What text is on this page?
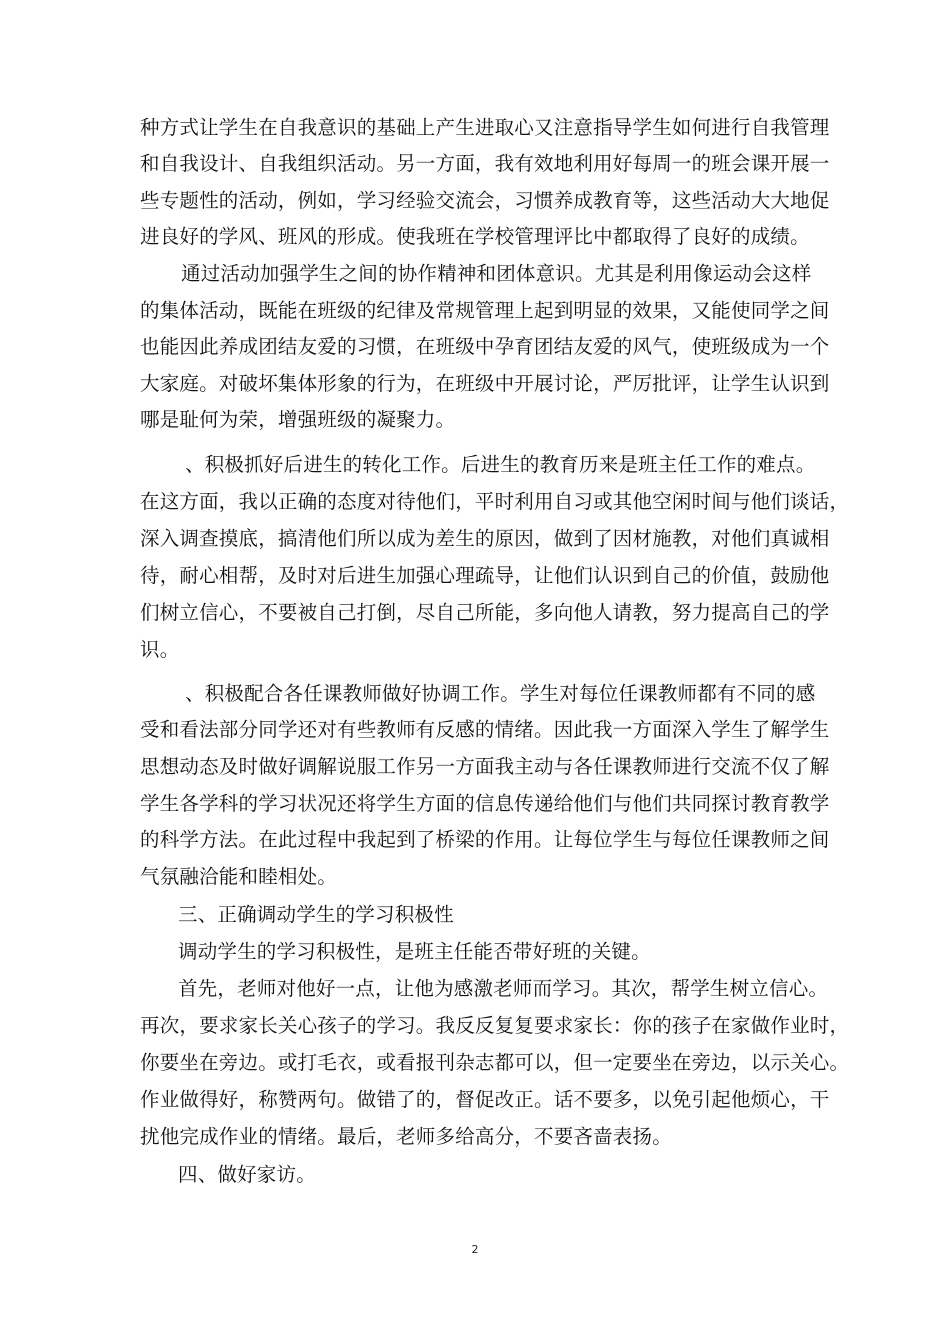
种方式让学生在自我意识的基础上产生进取心又注意指导学生如何进行自我管理
和自我设计、自我组织活动。另一方面，我有效地利用好每周一的班会课开展一
些专题性的活动，例如，学习经验交流会，习惯养成教育等，这些活动大大地促
进良好的学风、班风的形成。使我班在学校管理评比中都取得了良好的成绩。
通过活动加强学生之间的协作精神和团体意识。尤其是利用像运动会这样
的集体活动，既能在班级的纪律及常规管理上起到明显的效果，又能使同学之间
也能因此养成团结友爱的习惯，在班级中孕育团结友爱的风气，使班级成为一个
大家庭。对破坏集体形象的行为，在班级中开展讨论，严厉批评，让学生认识到
哪是耻何为荣，增强班级的凝聚力。
、积极抓好后进生的转化工作。后进生的教育历来是班主任工作的难点。
在这方面，我以正确的态度对待他们，平时利用自习或其他空闲时间与他们谈话，
深入调查摸底，搞清他们所以成为差生的原因，做到了因材施教，对他们真诚相
待，耐心相帮，及时对后进生加强心理疏导，让他们认识到自己的价值，鼓励他
们树立信心，不要被自己打倒，尽自己所能，多向他人请教，努力提高自己的学
识。
、积极配合各任课教师做好协调工作。学生对每位任课教师都有不同的感
受和看法部分同学还对有些教师有反感的情绪。因此我一方面深入学生了解学生
思想动态及时做好调解说服工作另一方面我主动与各任课教师进行交流不仅了解
学生各学科的学习状况还将学生方面的信息传递给他们与他们共同探讨教育教学
的科学方法。在此过程中我起到了桥梁的作用。让每位学生与每位任课教师之间
气氛融洽能和睦相处。
三、正确调动学生的学习积极性
调动学生的学习积极性，是班主任能否带好班的关键。
首先，老师对他好一点，让他为感激老师而学习。其次，帮学生树立信心。
再次，要求家长关心孩子的学习。我反反复复要求家长：你的孩子在家做作业时，
你要坐在旁边。或打毛衣，或看报刊杂志都可以，但一定要坐在旁边，以示关心。
作业做得好，称赞两句。做错了的，督促改正。话不要多，以免引起他烦心，干
扰他完成作业的情绪。最后，老师多给高分，不要吝啬表扬。
四、做好家访。
2
